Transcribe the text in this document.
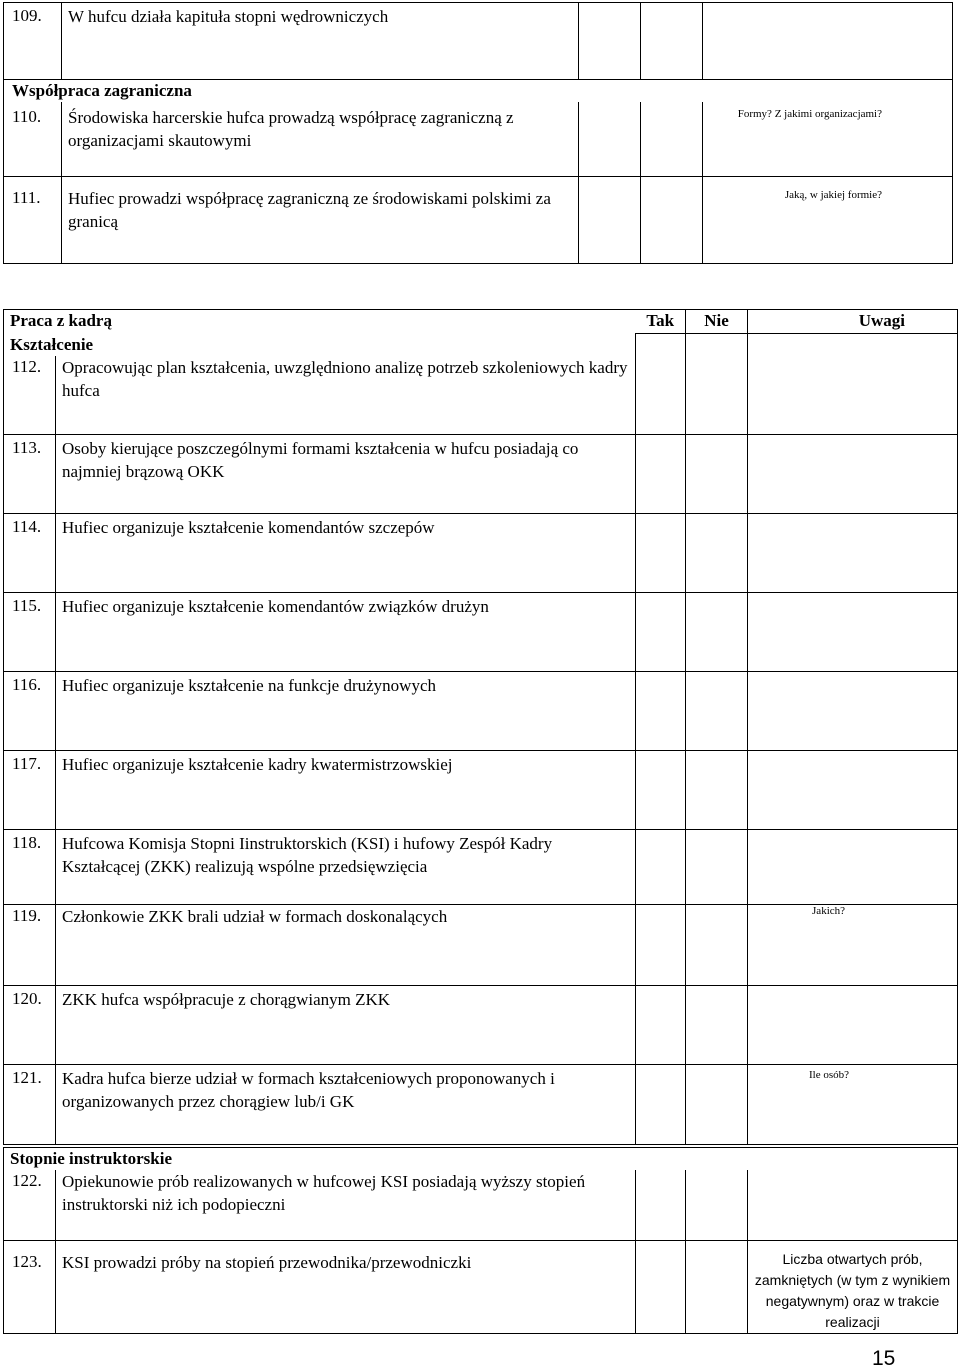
109.	W hufcu działa kapituła stopni wędrowniczych			
Współpraca zagraniczna				
110.	Środowiska harcerskie hufca prowadzą współpracę zagraniczną z organizacjami skautowymi			Formy? Z jakimi organizacjami?
111.	Hufiec prowadzi współpracę zagraniczną ze środowiskami polskimi za granicą			Jaką, w jakiej formie?
Praca z kadrą		Tak	Nie	Uwagi
Kształcenie				
112.	Opracowując plan kształcenia, uwzględniono analizę potrzeb szkoleniowych kadry hufca			
113.	Osoby kierujące poszczególnymi formami kształcenia w hufcu posiadają co najmniej brązową OKK			
114.	Hufiec organizuje kształcenie komendantów szczepów			
115.	Hufiec organizuje kształcenie komendantów związków drużyn			
116.	Hufiec organizuje kształcenie na funkcje drużynowych			
117.	Hufiec organizuje kształcenie kadry kwatermistrzowskiej			
118.	Hufcowa Komisja Stopni Iinstruktorskich (KSI) i hufowy Zespół Kadry Kształcącej (ZKK) realizują wspólne przedsięwzięcia			
119.	Członkowie ZKK brali udział w formach doskonalących			Jakich?
120.	ZKK hufca współpracuje z chorągwianym ZKK			
121.	Kadra hufca bierze udział w formach kształceniowych proponowanych i organizowanych przez chorągiew lub/i GK			Ile osób?
Stopnie instruktorskie				
122.	Opiekunowie prób realizowanych w hufcowej KSI posiadają wyższy stopień instruktorski niż ich podopieczni			
123.	KSI prowadzi próby na stopień przewodnika/przewodniczki			Liczba otwartych prób, zamkniętych (w tym z wynikiem negatywnym) oraz w trakcie realizacji
15
